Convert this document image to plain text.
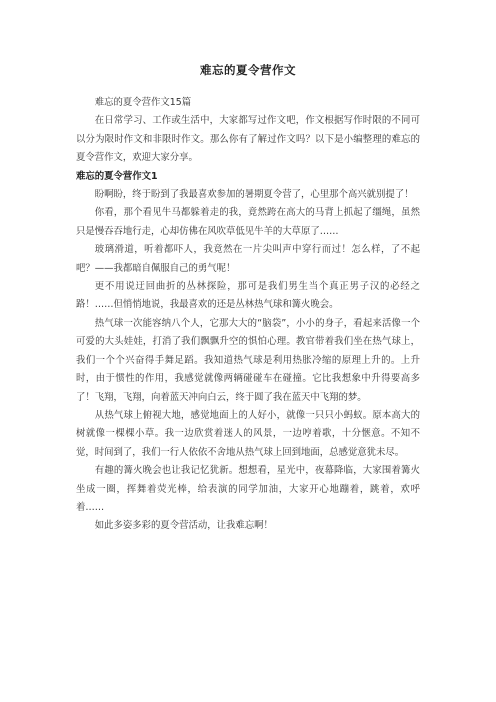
难忘的夏令营作文

难忘的夏令营作文15篇

在日常学习、工作或生活中，大家都写过作文吧，作文根据写作时限的不同可以分为限时作文和非限时作文。那么你有了解过作文吗？以下是小编整理的难忘的夏令营作文，欢迎大家分享。

难忘的夏令营作文1

盼啊盼，终于盼到了我最喜欢参加的暑期夏令营了，心里那个高兴就别提了！

你看，那个看见牛马都躲着走的我，竟然跨在高大的马背上抓起了缰绳，虽然只是慢吞吞地行走，心却仿佛在风吹草低见牛羊的大草原了……

玻璃滑道，听着都吓人，我竟然在一片尖叫声中穿行而过！怎么样，了不起吧？——我都暗自佩服自己的勇气呢！

更不用说迂回曲折的丛林探险，那可是我们男生当个真正男子汉的必经之路！……但悄悄地说，我最喜欢的还是丛林热气球和篝火晚会。

热气球一次能容纳八个人，它那大大的“脑袋”，小小的身子，看起来活像一个可爱的大头娃娃，打消了我们飘飘升空的惧怕心理。教官带着我们坐在热气球上，我们一个个兴奋得手舞足蹈。我知道热气球是利用热胀冷缩的原理上升的。上升时，由于惯性的作用，我感觉就像两辆碰碰车在碰撞。它比我想象中升得要高多了！飞翔，飞翔，向着蓝天冲向白云，终于圆了我在蓝天中飞翔的梦。

从热气球上俯视大地，感觉地面上的人好小，就像一只只小蚂蚁。原本高大的树就像一棵棵小草。我一边欣赏着迷人的风景，一边哼着歌，十分惬意。不知不觉，时间到了，我们一行人依依不舍地从热气球上回到地面，总感觉意犹未尽。

有趣的篝火晚会也让我记忆犹新。想想看，星光中，夜幕降临，大家围着篝火坐成一圈，挥舞着荧光棒，给表演的同学加油，大家开心地蹦着，跳着，欢呼着……

如此多姿多彩的夏令营活动，让我难忘啊！
